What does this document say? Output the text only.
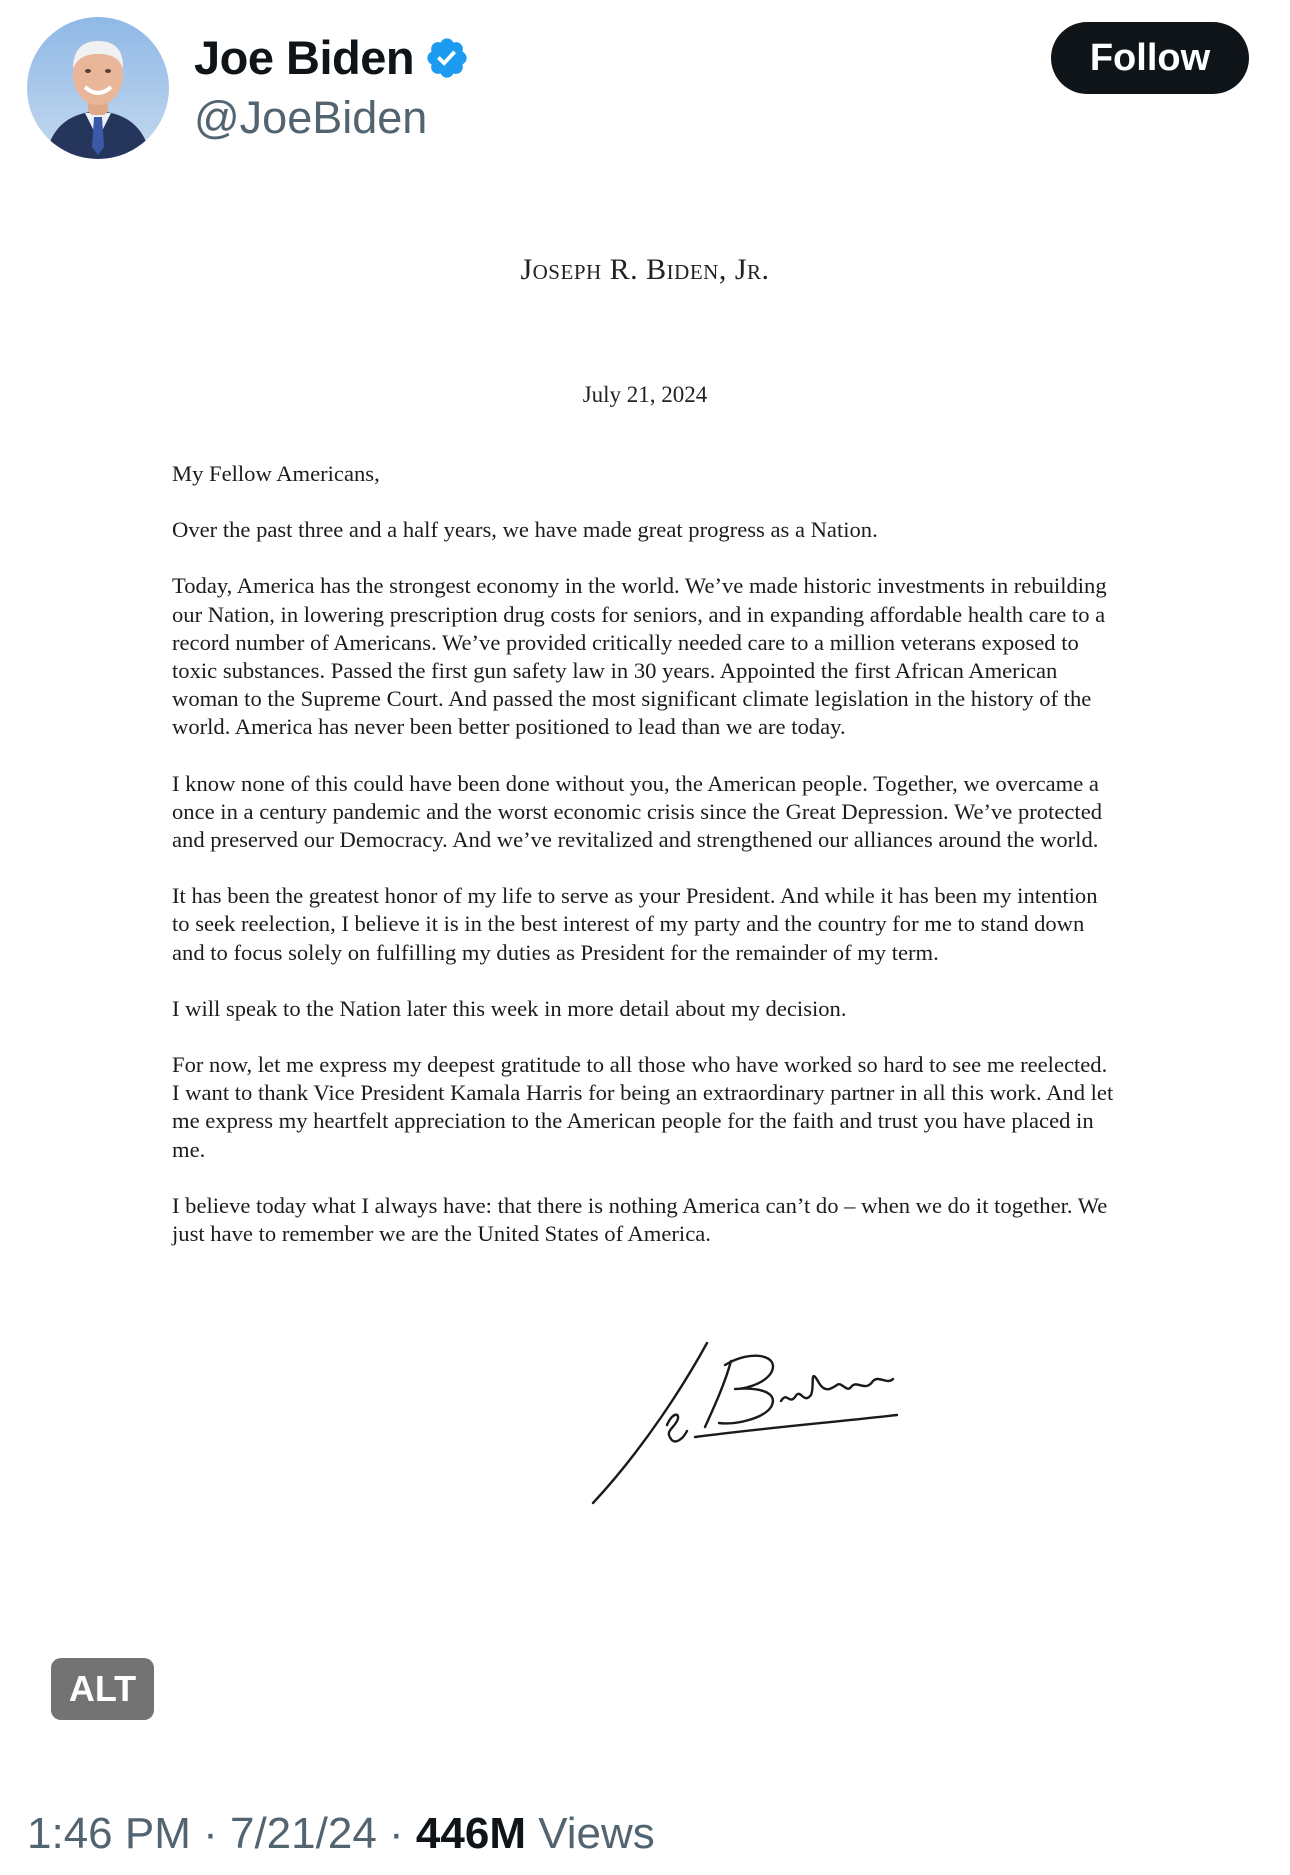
Joe Biden
@JoeBiden
Follow
Joseph R. Biden, Jr.
July 21, 2024

My Fellow Americans,

Over the past three and a half years, we have made great progress as a Nation.

Today, America has the strongest economy in the world. We’ve made historic investments in rebuilding our Nation, in lowering prescription drug costs for seniors, and in expanding affordable health care to a record number of Americans. We’ve provided critically needed care to a million veterans exposed to toxic substances. Passed the first gun safety law in 30 years. Appointed the first African American woman to the Supreme Court. And passed the most significant climate legislation in the history of the world. America has never been better positioned to lead than we are today.

I know none of this could have been done without you, the American people. Together, we overcame a once in a century pandemic and the worst economic crisis since the Great Depression. We’ve protected and preserved our Democracy. And we’ve revitalized and strengthened our alliances around the world.

It has been the greatest honor of my life to serve as your President. And while it has been my intention to seek reelection, I believe it is in the best interest of my party and the country for me to stand down and to focus solely on fulfilling my duties as President for the remainder of my term.

I will speak to the Nation later this week in more detail about my decision.

For now, let me express my deepest gratitude to all those who have worked so hard to see me reelected. I want to thank Vice President Kamala Harris for being an extraordinary partner in all this work. And let me express my heartfelt appreciation to the American people for the faith and trust you have placed in me.

I believe today what I always have: that there is nothing America can’t do – when we do it together. We just have to remember we are the United States of America.

ALT
1:46 PM · 7/21/24 · 446M Views
